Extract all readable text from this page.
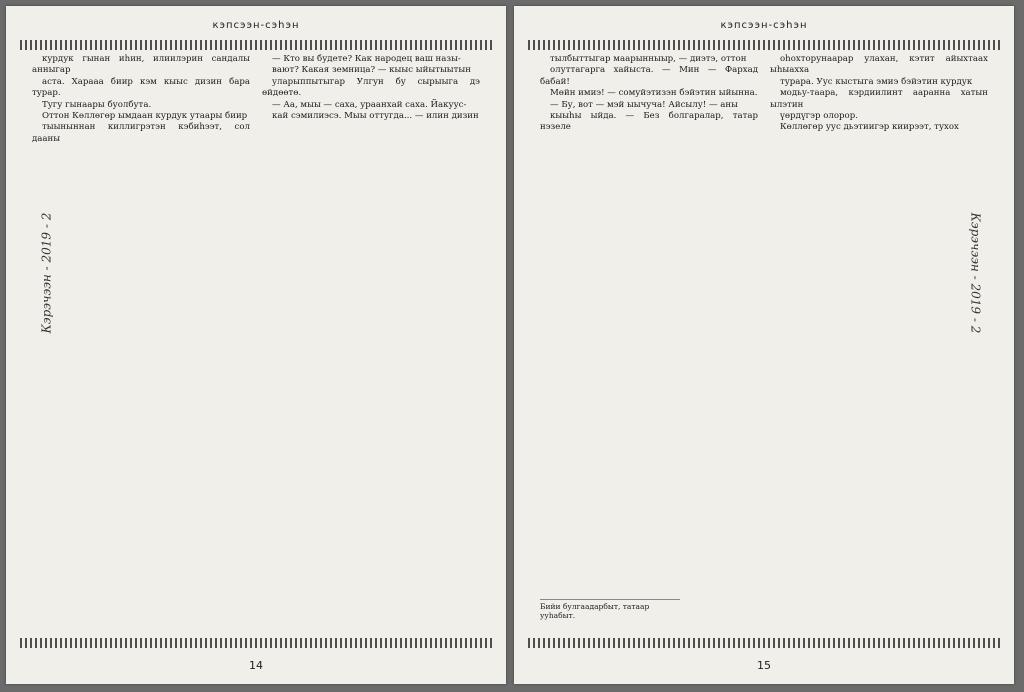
кэпсээн-сэhэн
Кэрэчээн - 2019 - 2

курдук гынан иhин, илиилэрин сандалы анныгар

аста. Харааа биир кэм кыыс дизин бара турар.

Тугу гынаары буолбута.

Оттон Көллөгөр ымдаан курдук утаары биир

тыыныннан киллигрэтэн кэбиhээт, сол дааны

— Кто вы будете? Как народец ваш назы-

вают? Какая земница? — кыыс ыйытыытын

уларыппытыгар Улгун бу сырыыга дэ өйдөөтө.

— Аа, мыы — саха, ураанхай саха. Йакуус-

кай сэмилиэсэ. Мыы оттугда... — илин дизин

14
кэпсээн-сэhэн
Кэрэчээн - 2019 - 2

тылбыттыгар маарынныыр, — диэтэ, оттон

олуттагарга хайыста. — Мин — Фархад бабай!

Мөйн имиэ! — сомуйэтизэн бэйэтин ыйынна.

— Бу, вот — мэй ыычуча! Айсылу! — аны

кыыhы ыйда. — Без болгаралар, татар нэзеле

оhохторунаарар улахан, кэтит айыхтаах ыhыахха

турара. Уус кыстыга эмиэ бэйэтин курдук

модьу-таара, кэрдиилинт ааранна хатын ылэтин

үөрдүгэр олорор.

Көллөгөр уус дьэтиигэр киирээт, тухох

Бийи булгаадарбыт, татаар ууhабыт.
15
